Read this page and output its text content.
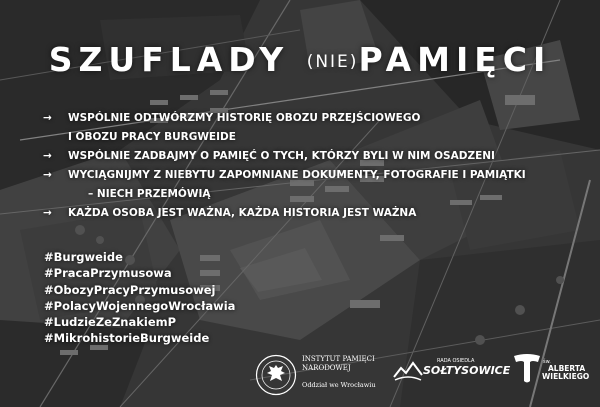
SZUFLADY (NIE)PAMIĘCI
→ WSPÓLNIE ODTWÓRZMY HISTORIĘ OBOZU PRZEJŚCIOWEGO
I OBOZU PRACY BURGWEIDE
→ WSPÓLNIE ZADBAJMY O PAMIĘĆ O TYCH, KTÓRZY BYLI W NIM OSADZENI
→ WYCIĄGNIJMY Z NIEBYTU ZAPOMNIANE DOKUMENTY, FOTOGRAFIE I PAMIĄTKI
– NIECH PRZEMÓWIĄ
→ KAŻDA OSOBA JEST WAŻNA, KAŻDA HISTORIA JEST WAŻNA
#Burgweide
#PracaPrzymusowa
#ObozyPracyPrzymusowej
#PolacyWojennegoWrocławia
#LudzieZeZnakiemP
#MikrohistorieBurgweide
INSTYTUT PAMIĘCI
NARODOWEJ
Oddział we Wrocławiu
RADA OSIEDLA
SOŁTYSOWICE
św.
ALBERTA
WIELKIEGO
